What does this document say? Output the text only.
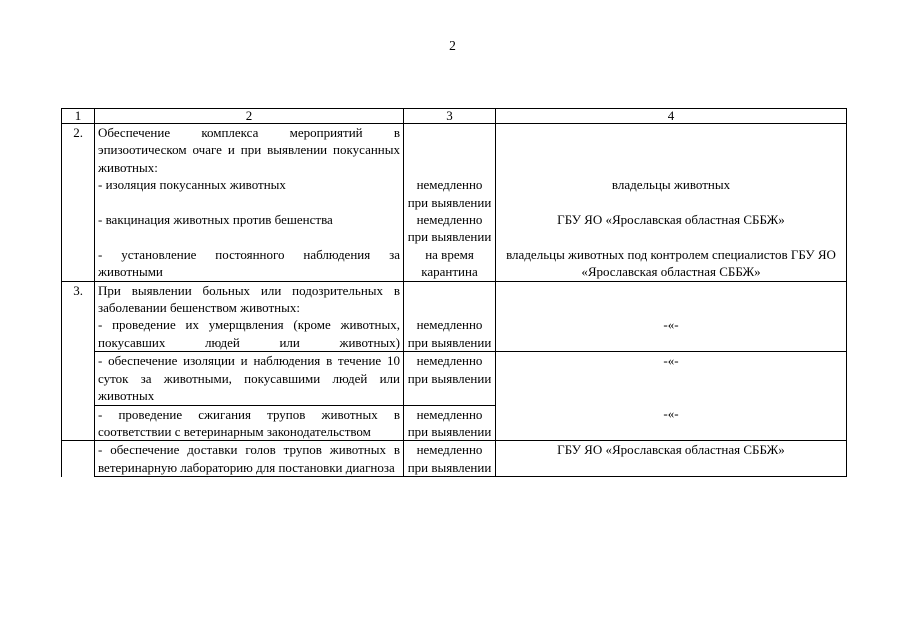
2
1	2	3	4
2.	Обеспечение комплекса мероприятий в эпизоотическом очаге и при выявлении покусанных животных:		
	- изоляция покусанных животных	немедленно при выявлении	владельцы животных
	- вакцинация животных против бешенства	немедленно при выявлении	ГБУ ЯО «Ярославская областная СББЖ»
	- установление постоянного наблюдения за животными	на время карантина	владельцы животных под контролем специалистов ГБУ ЯО «Ярославская областная СББЖ»
3.	При выявлении больных или подозрительных в заболевании бешенством животных:		
	- проведение их умерщвления (кроме животных, покусавших людей или животных)	немедленно при выявлении	-«-
	- обеспечение изоляции и наблюдения в течение 10 суток за животными, покусавшими людей или животных	немедленно при выявлении	-«-
	- проведение сжигания трупов животных в соответствии с ветеринарным законодательством	немедленно при выявлении	-«-
	- обеспечение доставки голов трупов животных в ветеринарную лабораторию для постановки диагноза	немедленно при выявлении	ГБУ ЯО «Ярославская областная СББЖ»
